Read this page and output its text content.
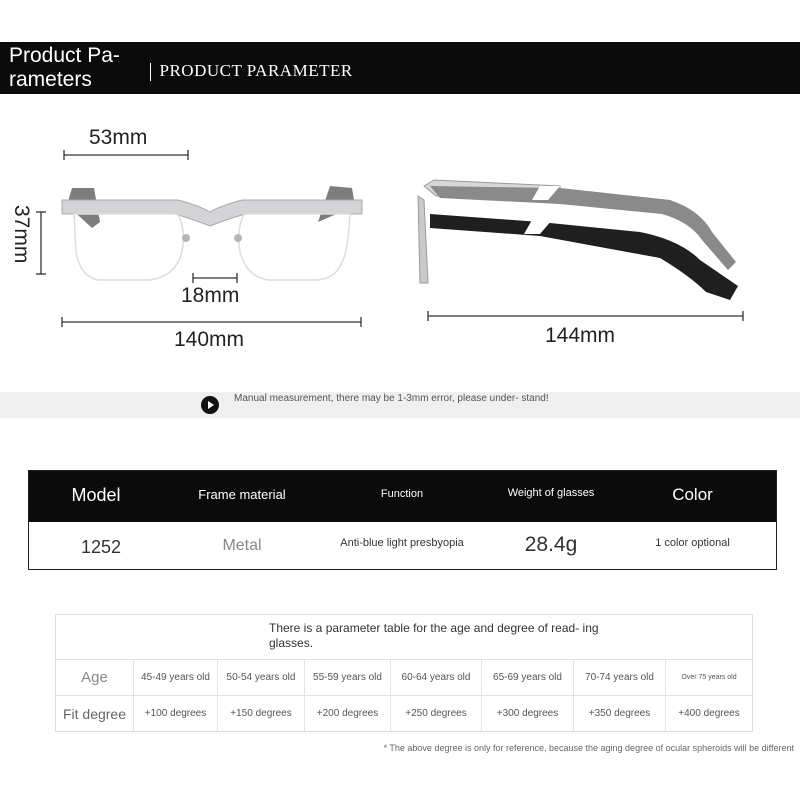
Product Pa- rameters	PRODUCT PARAMETER
53mm
37mm
18mm
140mm	144mm
Manual measurement, there may be 1-3mm error, please under- stand!
Model	Frame material	Function	Weight of glasses	Color
1252	Metal	Anti-blue light presbyopia	28.4g	1 color optional
There is a parameter table for the age and degree of read- ing glasses.
Age	45-49 years old	50-54 years old	55-59 years old	60-64 years old	65-69 years old	70-74 years old	Over 75 years old
Fit degree	+100 degrees	+150 degrees	+200 degrees	+250 degrees	+300 degrees	+350 degrees	+400 degrees
* The above degree is only for reference, because the aging degree of ocular spheroids will be different
